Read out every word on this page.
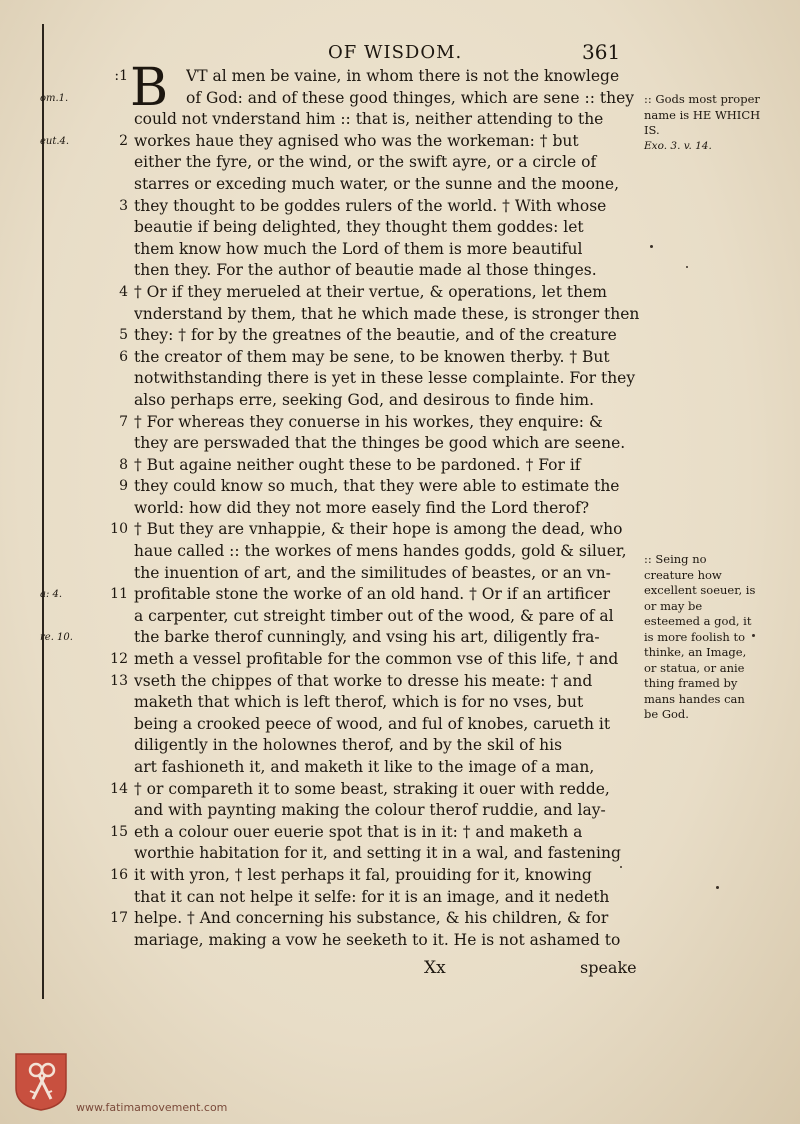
OF WISDOM.	361
B
:1	VT al men be vaine, in whom there is not the knowlege
om.1.	of God: and of these good thinges, which are sene :: they
could not vnderstand him :: that is, neither attending to the
eut.4.	2 workes haue they agnised who was the workeman: † but
either the fyre, or the wind, or the swift ayre, or a circle of
starres or exceding much water, or the sunne and the moone,
3 they thought to be goddes rulers of the world. † With whose
beautie if being delighted, they thought them goddes: let
them know how much the Lord of them is more beautiful
then they. For the author of beautie made al those thinges.
4 † Or if they merueled at their vertue, & operations, let them
vnderstand by them, that he which made these, is stronger then
5 they: † for by the greatnes of the beautie, and of the creature
6 the creator of them may be sene, to be knowen therby. † But
notwithstanding there is yet in these lesse complainte. For they
also perhaps erre, seeking God, and desirous to finde him.
7 † For whereas they conuerse in his workes, they enquire: &
they are perswaded that the thinges be good which are seene.
8 † But againe neither ought these to be pardoned. † For if
9 they could know so much, that they were able to estimate the
world: how did they not more easely find the Lord therof?
10 † But they are vnhappie, & their hope is among the dead, who
haue called :: the workes of mens handes godds, gold & siluer,
the inuention of art, and the similitudes of beastes, or an vn-
a: 4.	11 profitable stone the worke of an old hand. † Or if an artificer
a carpenter, cut streight timber out of the wood, & pare of al
re. 10.	the barke therof cunningly, and vsing his art, diligently fra-
12 meth a vessel profitable for the common vse of this life, † and
13 vseth the chippes of that worke to dresse his meate: † and
maketh that which is left therof, which is for no vses, but
being a crooked peece of wood, and ful of knobes, carueth it
diligently in the holownes therof, and by the skil of his
art fashioneth it, and maketh it like to the image of a man,
14 † or compareth it to some beast, straking it ouer with redde,
and with paynting making the colour therof ruddie, and lay-
15 eth a colour ouer euerie spot that is in it: † and maketh a
worthie habitation for it, and setting it in a wal, and fastening
16 it with yron, † lest perhaps it fal, prouiding for it, knowing
that it can not helpe it selfe: for it is an image, and it nedeth
17 helpe. † And concerning his substance, & his children, & for
mariage, making a vow he seeketh to it. He is not ashamed to
:: Gods most proper name is HE WHICH IS.
Exo. 3. v. 14.
:: Seing no creature how excellent soeuer, is or may be esteemed a god, it is more foolish to thinke, an Image, or statua, or anie thing framed by mans handes can be God.
Xx	speake
www.fatimamovement.com
